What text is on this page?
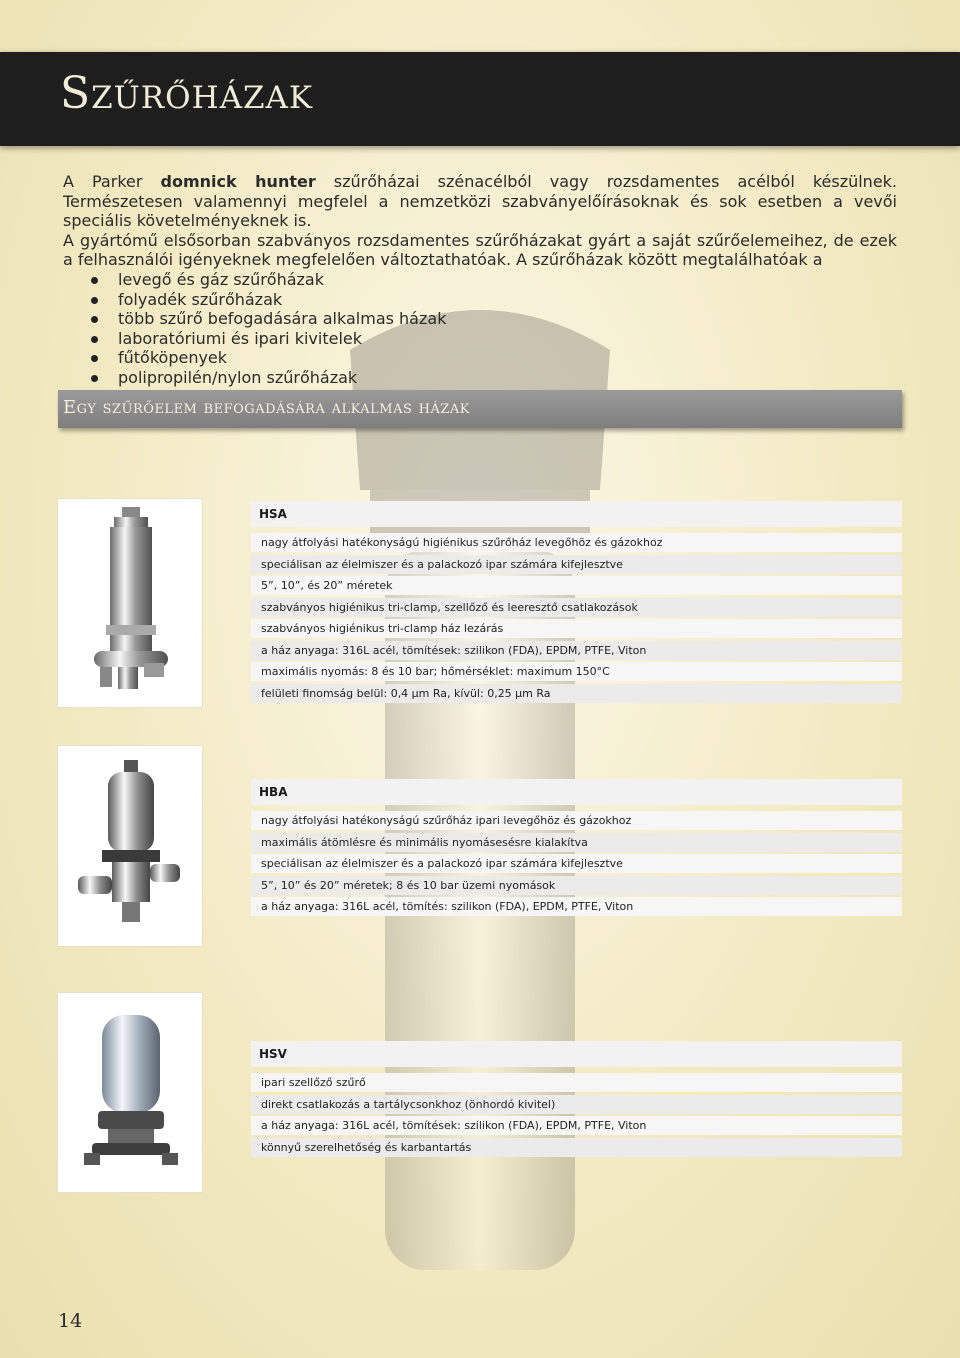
Szűrőházak

A Parker domnick hunter szűrőházai szénacélból vagy rozsdamentes acélból készülnek. Természetesen valamennyi megfelel a nemzetközi szabványelőírásoknak és sok esetben a vevői speciális követelményeknek is.

A gyártómű elsősorban szabványos rozsdamentes szűrőházakat gyárt a saját szűrőelemeihez, de ezek a felhasználói igényeknek megfelelően változtathatóak. A szűrőházak között megtalálhatóak a

levegő és gáz szűrőházak
folyadék szűrőházak
több szűrő befogadására alkalmas házak
laboratóriumi és ipari kivitelek
fűtőköpenyek
polipropilén/nylon szűrőházak
Egy szűrőelem befogadására alkalmas házak
HSA
nagy átfolyási hatékonyságú higiénikus szűrőház levegőhöz és gázokhoz
speciálisan az élelmiszer és a palackozó ipar számára kifejlesztve
5”, 10”, és 20” méretek
szabványos higiénikus tri-clamp, szellőző és leeresztő csatlakozások
szabványos higiénikus tri-clamp ház lezárás
a ház anyaga: 316L acél, tömítések: szilikon (FDA), EPDM, PTFE, Viton
maximális nyomás: 8 és 10 bar; hőmérséklet: maximum 150°C
felületi finomság belül: 0,4 μm Ra, kívül: 0,25 μm Ra
HBA
nagy átfolyási hatékonyságú szűrőház ipari levegőhöz és gázokhoz
maximális átömlésre és minimális nyomásesésre kialakítva
speciálisan az élelmiszer és a palackozó ipar számára kifejlesztve
5”, 10” és 20” méretek; 8 és 10 bar üzemi nyomások
a ház anyaga: 316L acél, tömítés: szilikon (FDA), EPDM, PTFE, Viton
HSV
ipari szellőző szűrő
direkt csatlakozás a tartálycsonkhoz (önhordó kivitel)
a ház anyaga: 316L acél, tömítések: szilikon (FDA), EPDM, PTFE, Viton
könnyű szerelhetőség és karbantartás
14
